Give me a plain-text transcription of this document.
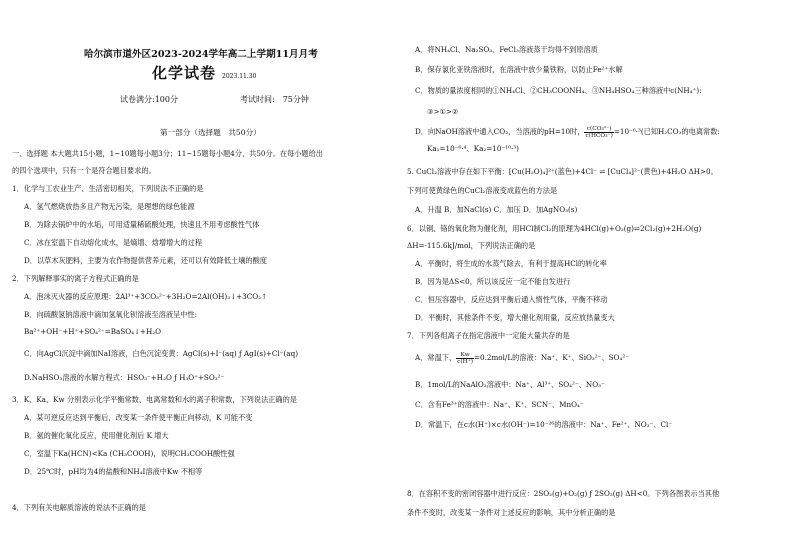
哈尔滨市道外区2023-2024学年高二上学期11月月考
化学试卷 2023.11.30
试卷满分:100分	考试时间:　75分钟
第一部分（选择题　共50分）
一、选择题 本大题共15小题，1~10题每小题3分；11~15题每小题4分，共50分。在每小题给出
的四个选项中，只有一个是符合题目要求的。
1．化学与工农业生产、生活密切相关，下列说法不正确的是
A．氢气燃烧放热多且产物无污染，是理想的绿色能源
B．为除去锅炉中的水垢，可用适量稀硫酸处理，快速且不用考虑酸性气体
C．冰在室温下自动熔化成水，是熵增、焓增增大的过程
D．以草木灰肥料，主要为农作物提供营养元素，还可以有效降低土壤的酸度
2．下列解释事实的离子方程式正确的是
A．泡沫灭火器的反应原理：2Al³⁺+3CO₃²⁻+3H₂O=2Al(OH)₃↓+3CO₂↑
B．向硫酸氢钠溶液中滴加氢氧化钡溶液至溶液呈中性:
Ba²⁺+OH⁻+H⁺+SO₄²⁻=BaSO₄↓+H₂O
C．向AgCl沉淀中滴加NaI溶液，白色沉淀变黄：AgCl(s)+I⁻(aq) ƒ AgI(s)+Cl⁻(aq)
D.NaHSO₃溶液的水解方程式：HSO₃⁻+H₂O ƒ H₃O⁺+SO₃²⁻
3．K、Ka、Kw 分别表示化学平衡常数、电离常数和水的离子积常数，下列说法正确的是
A．某可逆反应达到平衡后，改变某一条件使平衡正向移动，K 可能不变
B．氨的催化氧化反应，使用催化剂后 K 增大
C．室温下Ka(HCN)<Ka (CH₃COOH)，说明CH₃COOH酸性强
D．25℃时，pH均为4的盐酸和NH₄I溶液中Kw 不相等
4．下列有关电解质溶液的说法不正确的是
A．将NH₄Cl、Na₂SO₃、FeCl₃溶液蒸干均得不到原溶质
B．保存氯化亚铁溶液时，在溶液中放少量铁粉，以防止Fe²⁺水解
C．物质的量浓度相同的①NH₄Cl、②CH₃COONH₄、③NH₄HSO₄三种溶液中c(NH₄⁺):
③>①>②
D．向NaOH溶液中通入CO₂，当溶液的pH=10时， $\frac{\text{c(CO₃²⁻)}}{\text{c(HCO₃⁻)}} =10^{-0}\cdot^3$(已知H₂CO₃的电离常数:
Ka₁=10⁻⁶·⁴、Ka₂=10⁻¹⁰·³)
5. CuCl₂溶液中存在如下平衡：[Cu(H₂O)₄]²⁺(蓝色)+4Cl⁻ ⇌ [CuCl₄]²⁻(黄色)+4H₂O ΔH>0。
下列可使黄绿色的CuCl₂溶液变成蓝色的方法是
A．升温 B．加NaCl(s) C．加压 D．加AgNO₃(s)
6．以铜、铬的氧化物为催化剂，用HCl制Cl₂的原理为4HCl(g)+O₂(g)⇌2Cl₂(g)+2H₂O(g)
ΔH=-115.6kJ/mol，下列说法正确的是
A．平衡时，将生成的水蒸气除去，有利于提高HCl的转化率
B．因为是ΔS<0，所以该反应一定不能自发进行
C．恒压容器中，反应达到平衡后通入惰性气体，平衡不移动
D．平衡时，其他条件不变，增大催化剂用量，反应放热量变大
7．下列各组离子在指定溶液中一定能大量共存的是
A．常温下， $\frac{Kw}{c(H^+)} =0.2mol/L$的溶液：Na⁺、K⁺、SiO₃²⁻、SO₄²⁻
B．1mol/L的NaAlO₂溶液中：Na⁺、Al³⁺、SO₄²⁻、NO₃⁻
C．含有Fe³⁺的溶液中：Na⁺、K⁺、SCN⁻、MnO₄⁻
D．常温下，在c水(H⁺)×c水(OH⁻)=10⁻²⁶的溶液中：Na⁺、Fe²⁺、NO₃⁻、Cl⁻
8．在容积不变的密闭容器中进行反应：2SO₂(g)+O₂(g) ƒ 2SO₃(g) ΔH<0。下列各图表示当其他
条件不变时，改变某一条件对上述反应的影响，其中分析正确的是
